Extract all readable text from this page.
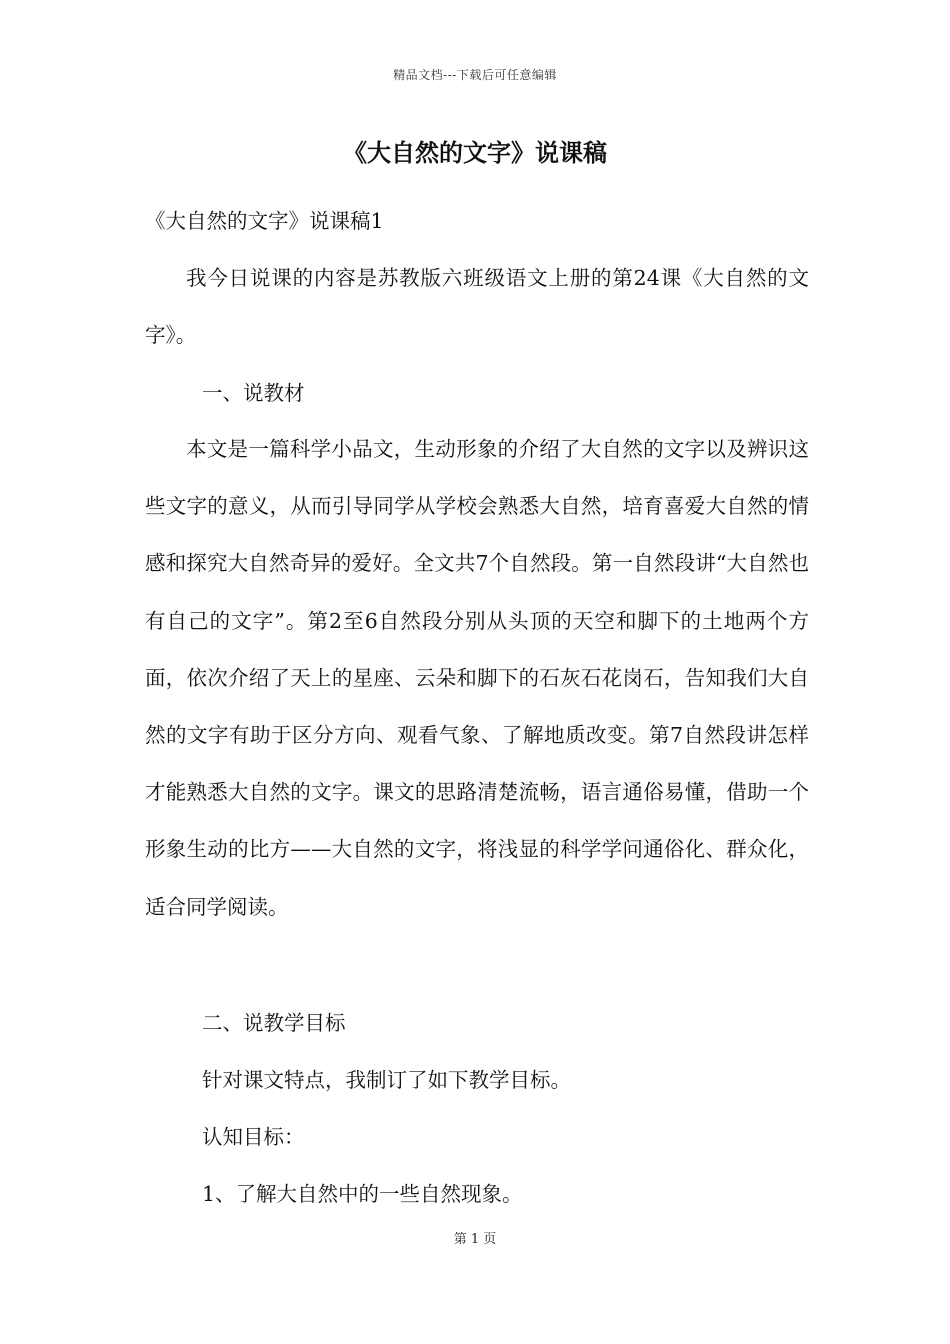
精品文档---下载后可任意编辑
《大自然的文字》说课稿
《大自然的文字》说课稿1

我今日说课的内容是苏教版六班级语文上册的第24课《大自然的文字》。

一、说教材

本文是一篇科学小品文，生动形象的介绍了大自然的文字以及辨识这些文字的意义，从而引导同学从学校会熟悉大自然，培育喜爱大自然的情感和探究大自然奇异的爱好。全文共7个自然段。第一自然段讲“大自然也有自己的文字”。第2至6自然段分别从头顶的天空和脚下的土地两个方面，依次介绍了天上的星座、云朵和脚下的石灰石花岗石，告知我们大自然的文字有助于区分方向、观看气象、了解地质改变。第7自然段讲怎样才能熟悉大自然的文字。课文的思路清楚流畅，语言通俗易懂，借助一个形象生动的比方——大自然的文字，将浅显的科学学问通俗化、群众化，适合同学阅读。

二、说教学目标
针对课文特点，我制订了如下教学目标。
认知目标：
1、了解大自然中的一些自然现象。
第 1 页
